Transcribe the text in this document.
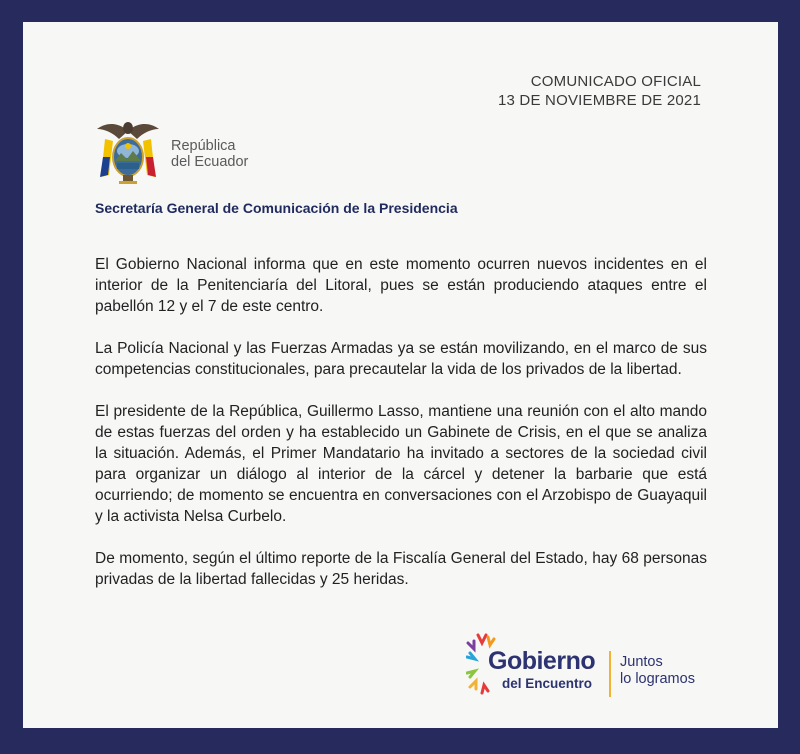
COMUNICADO OFICIAL
13 DE NOVIEMBRE DE 2021
República
del Ecuador
Secretaría General de Comunicación de la Presidencia

El Gobierno Nacional informa que en este momento ocurren nuevos incidentes en el interior de la Penitenciaría del Litoral, pues se están produciendo ataques entre el pabellón 12 y el 7 de este centro.

La Policía Nacional y las Fuerzas Armadas ya se están movilizando, en el marco de sus competencias constitucionales, para precautelar la vida de los privados de la libertad.

El presidente de la República, Guillermo Lasso, mantiene una reunión con el alto mando de estas fuerzas del orden y ha establecido un Gabinete de Crisis, en el que se analiza la situación. Además, el Primer Mandatario ha invitado a sectores de la sociedad civil para organizar un diálogo al interior de la cárcel y detener la barbarie que está ocurriendo; de momento se encuentra en conversaciones con el Arzobispo de Guayaquil y la activista Nelsa Curbelo.

De momento, según el último reporte de la Fiscalía General del Estado, hay 68 personas privadas de la libertad fallecidas y 25 heridas.

Gobierno
del Encuentro
Juntos
lo logramos
